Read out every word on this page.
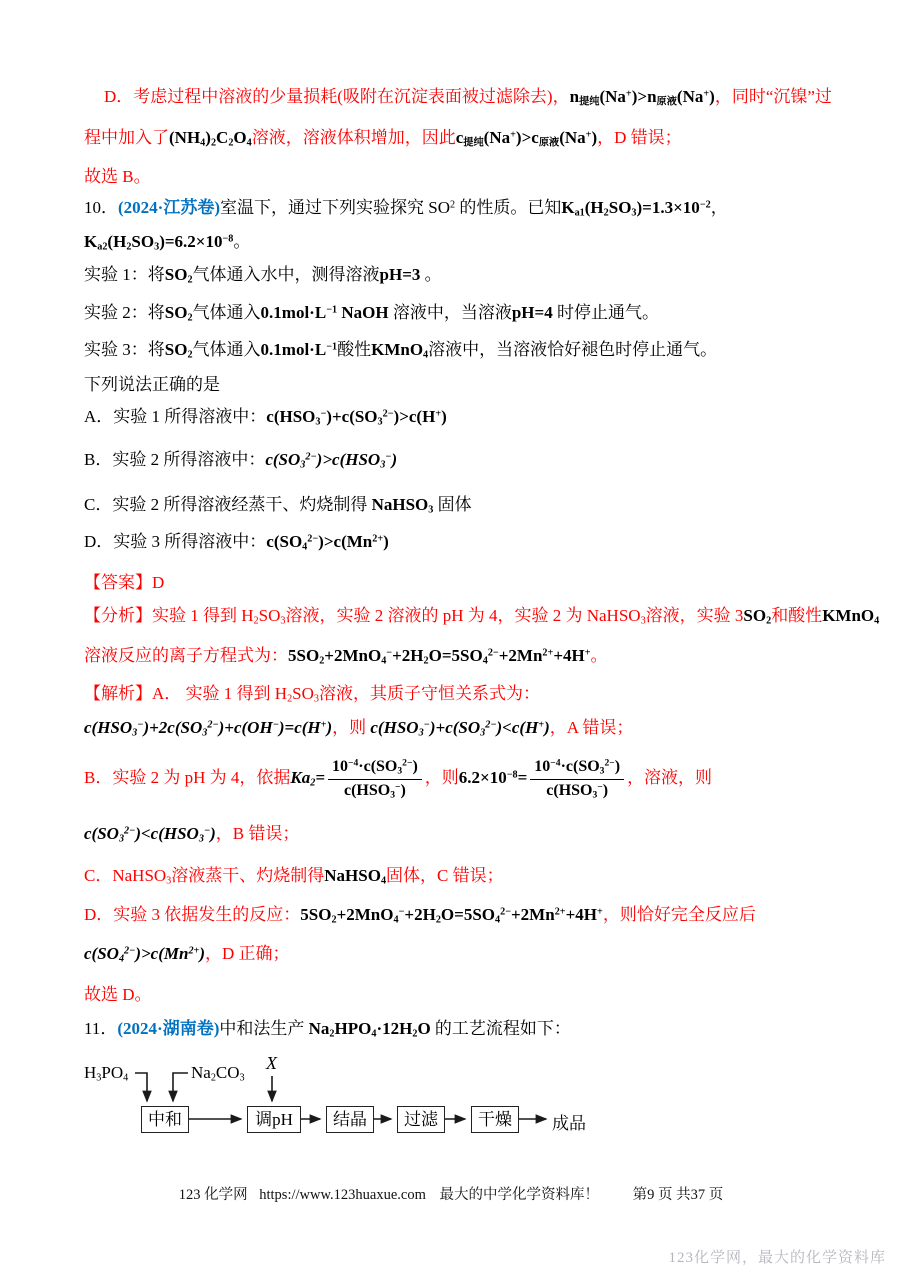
D．考虑过程中溶液的少量损耗(吸附在沉淀表面被过滤除去)，$n_{提纯}(Na^+)>n_{原液}(Na^+)$，同时“沉镍”过
程中加入了$(NH_4)_2C_2O_4$溶液，溶液体积增加，因此$c_{提纯}(Na^+)>c_{原液}(Na^+)$，D 错误；
故选 B。
10．(2024·江苏卷)室温下，通过下列实验探究 $SO^2$ 的性质。已知$K_{a1}(H_2SO_3)=1.3\times 10^{-2}$，
$K_{a2}(H_2SO_3)=6.2\times 10^{-8}$。
实验 1：将$SO_2$气体通入水中，测得溶液pH=3 。
实验 2：将$SO_2$气体通入$0.1mol\cdot L^{-1}$ NaOH 溶液中，当溶液pH=4 时停止通气。
实验 3：将$SO_2$气体通入$0.1mol\cdot L^{-1}$酸性KMnO$_4$溶液中，当溶液恰好褪色时停止通气。
下列说法正确的是
A．实验 1 所得溶液中：$c(HSO_3^-)+c(SO_3^{2-})>c(H^+)$
B．实验 2 所得溶液中：$c(SO_3^{2-})>c(HSO_3^-)$
C．实验 2 所得溶液经蒸干、灼烧制得 NaHSO$_3$ 固体
D．实验 3 所得溶液中：$c(SO_4^{2-})>c(Mn^{2+})$
【答案】D
【分析】实验 1 得到 $H_2SO_3$溶液，实验 2 溶液的 pH 为 4，实验 2 为 NaHSO$_3$溶液，实验 $3SO_2$和酸性KMnO$_4$
溶液反应的离子方程式为：$5SO_2+2MnO_4^-+2H_2O=5SO_4^{2-}+2Mn^{2+}+4H^+$。
【解析】A． 实验 1 得到 $H_2SO_3$溶液，其质子守恒关系式为：
$c(HSO_3^-)+2c(SO_3^{2-})+c(OH^-)=c(H^+)$，则 $c(HSO_3^-)+c(SO_3^{2-})<c(H^+)$，A 错误；
B．实验 2 为 pH 为 4，依据$Ka_2= \frac{10^{-4}\cdot c(SO_3^{2-})}{c(HSO_3^-)}$ ，则$6.2\times 10^{-8}= \frac{10^{-4}\cdot c(SO_3^{2-})}{c(HSO_3^-)}$ ，溶液，则
$c(SO_3^{2-})<c(HSO_3^-)$，B 错误；
C．NaHSO$_3$溶液蒸干、灼烧制得NaHSO$_4$固体，C 错误；
D．实验 3 依据发生的反应：$5SO_2+2MnO_4^-+2H_2O=5SO_4^{2-}+2Mn^{2+}+4H^+$，则恰好完全反应后
$c(SO_4^{2-})>c(Mn^{2+})$，D 正确；
故选 D。
11．(2024·湖南卷)中和法生产 $Na_2HPO_4\cdot 12H_2O$ 的工艺流程如下：
$H_3PO_4$	$Na_2CO_3$
X
中和	调pH	结晶	过滤	干燥	成品
123 化学网 https://www.123huaxue.com 最大的中学化学资料库！ 第9 页 共37 页
123化学网，最大的化学资料库
